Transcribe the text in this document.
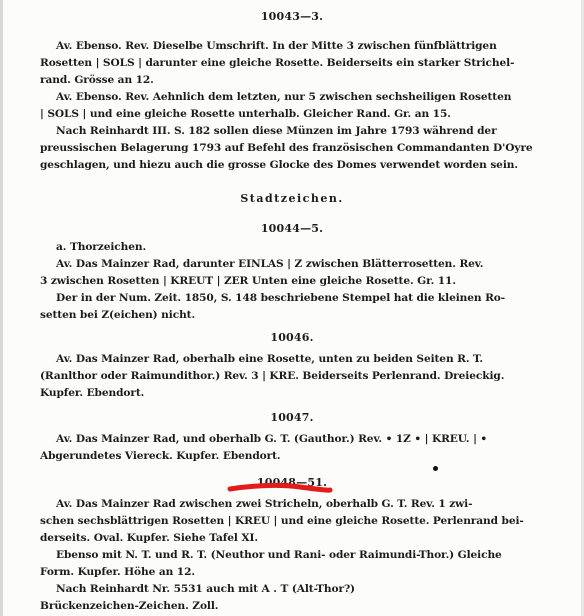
10043—3.
Av. Ebenso. Rev. Dieselbe Umschrift. In der Mitte 3 zwischen fünfblättrigen
Rosetten | SOLS | darunter eine gleiche Rosette. Beiderseits ein starker Strichel-
rand. Grösse an 12.
Av. Ebenso. Rev. Aehnlich dem letzten, nur 5 zwischen sechsheiligen Rosetten
| SOLS | und eine gleiche Rosette unterhalb. Gleicher Rand. Gr. an 15.
Nach Reinhardt III. S. 182 sollen diese Münzen im Jahre 1793 während der
preussischen Belagerung 1793 auf Befehl des französischen Commandanten D'Oyre
geschlagen, und hiezu auch die grosse Glocke des Domes verwendet worden sein.
Stadtzeichen.
10044—5.
a. Thorzeichen.
Av. Das Mainzer Rad, darunter EINLAS | Z zwischen Blätterrosetten. Rev.
3 zwischen Rosetten | KREUT | ZER Unten eine gleiche Rosette. Gr. 11.
Der in der Num. Zeit. 1850, S. 148 beschriebene Stempel hat die kleinen Ro-
setten bei Z(eichen) nicht.
10046.
Av. Das Mainzer Rad, oberhalb eine Rosette, unten zu beiden Seiten R. T.
(Ranlthor oder Raimundithor.) Rev. 3 | KRE. Beiderseits Perlenrand. Dreieckig.
Kupfer. Ebendort.
10047.
Av. Das Mainzer Rad, und oberhalb G. T. (Gauthor.) Rev. • 1Z • | KREU. | •
Abgerundetes Viereck. Kupfer. Ebendort.
10048—51.
Av. Das Mainzer Rad zwischen zwei Stricheln, oberhalb G. T. Rev. 1 zwi-
schen sechsblättrigen Rosetten | KREU | und eine gleiche Rosette. Perlenrand bei-
derseits. Oval. Kupfer. Siehe Tafel XI.
Ebenso mit N. T. und R. T. (Neuthor und Rani- oder Raimundi-Thor.) Gleiche
Form. Kupfer. Höhe an 12.
Nach Reinhardt Nr. 5531 auch mit A . T (Alt-Thor?)
Brückenzeichen-Zeichen. Zoll.
